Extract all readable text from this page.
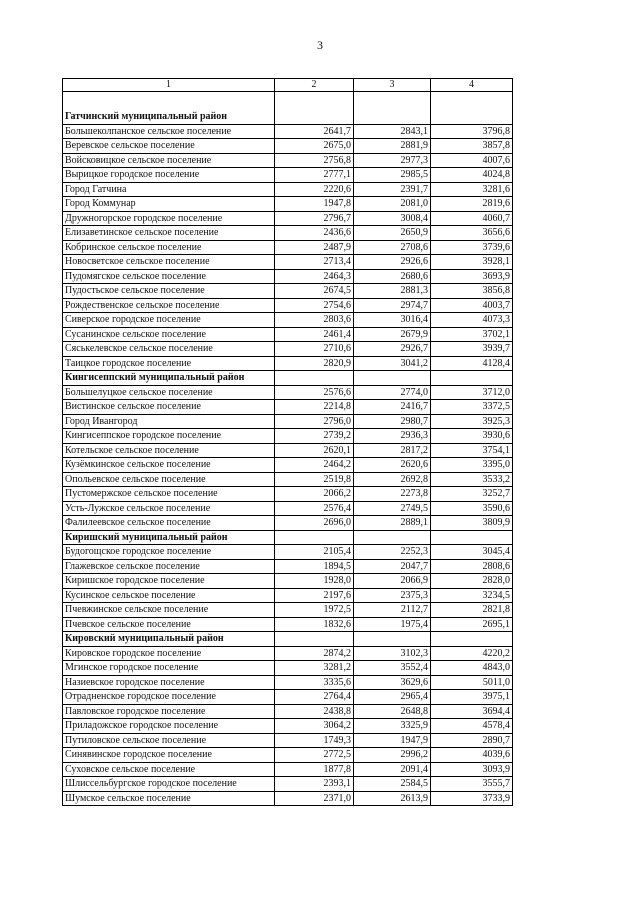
3
1	2	3	4

Гатчинский муниципальный район			
Большеколпанское сельское поселение	2641,7	2843,1	3796,8
Веревское сельское поселение	2675,0	2881,9	3857,8
Войсковицкое сельское поселение	2756,8	2977,3	4007,6
Вырицкое городское поселение	2777,1	2985,5	4024,8
Город Гатчина	2220,6	2391,7	3281,6
Город Коммунар	1947,8	2081,0	2819,6
Дружногорское городское поселение	2796,7	3008,4	4060,7
Елизаветинское сельское поселение	2436,6	2650,9	3656,6
Кобринское сельское поселение	2487,9	2708,6	3739,6
Новосветское сельское поселение	2713,4	2926,6	3928,1
Пудомягское сельское поселение	2464,3	2680,6	3693,9
Пудостьское сельское поселение	2674,5	2881,3	3856,8
Рождественское сельское поселение	2754,6	2974,7	4003,7
Сиверское городское поселение	2803,6	3016,4	4073,3
Сусанинское сельское поселение	2461,4	2679,9	3702,1
Сяськелевское сельское поселение	2710,6	2926,7	3939,7
Таицкое городское поселение	2820,9	3041,2	4128,4
Кингисеппский муниципальный район			
Большелуцкое сельское поселение	2576,6	2774,0	3712,0
Вистинское сельское поселение	2214,8	2416,7	3372,5
Город Ивангород	2796,0	2980,7	3925,3
Кингисеппское городское поселение	2739,2	2936,3	3930,6
Котельское сельское поселение	2620,1	2817,2	3754,1
Кузёмкинское сельское поселение	2464,2	2620,6	3395,0
Опольевское сельское поселение	2519,8	2692,8	3533,2
Пустомержское сельское поселение	2066,2	2273,8	3252,7
Усть-Лужское сельское поселение	2576,4	2749,5	3590,6
Фалилеевское сельское поселение	2696,0	2889,1	3809,9
Киришский муниципальный район			
Будогощское городское поселение	2105,4	2252,3	3045,4
Глажевское сельское поселение	1894,5	2047,7	2808,6
Киришское городское поселение	1928,0	2066,9	2828,0
Кусинское сельское поселение	2197,6	2375,3	3234,5
Пчевжинское сельское поселение	1972,5	2112,7	2821,8
Пчевское сельское поселение	1832,6	1975,4	2695,1
Кировский муниципальный район			
Кировское городское поселение	2874,2	3102,3	4220,2
Мгинское городское поселение	3281,2	3552,4	4843,0
Назиевское городское поселение	3335,6	3629,6	5011,0
Отрадненское городское поселение	2764,4	2965,4	3975,1
Павловское городское поселение	2438,8	2648,8	3694,4
Приладожское городское поселение	3064,2	3325,9	4578,4
Путиловское сельское поселение	1749,3	1947,9	2890,7
Синявинское городское поселение	2772,5	2996,2	4039,6
Суховское сельское поселение	1877,8	2091,4	3093,9
Шлиссельбургское городское поселение	2393,1	2584,5	3555,7
Шумское сельское поселение	2371,0	2613,9	3733,9
